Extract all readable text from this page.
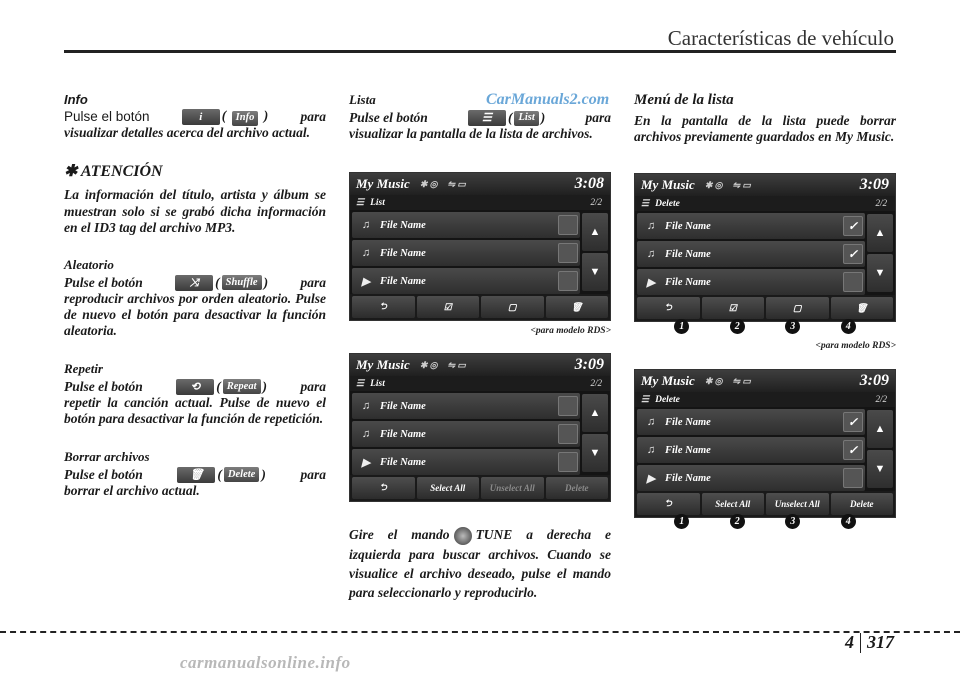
Características de vehículo
Info
Pulse el botón	i ( Info ) para
visualizar detalles acerca del archivo actual.
✱ ATENCIÓN
La información del título, artista y álbum se muestran solo si se grabó dicha información en el ID3 tag del archivo MP3.
Aleatorio
Pulse el botón	⤨	( Shuffle ) para
reproducir archivos por orden aleatorio. Pulse de nuevo el botón para desactivar la función aleatoria.
Repetir
Pulse el botón	⟲	( Repeat ) para
repetir la canción actual. Pulse de nuevo el botón para desactivar la función de repetición.
Borrar archivos
Pulse el botón	🗑	( Delete )	para
borrar el archivo actual.
Lista
Pulse el botón	☰	( List )	para
visualizar la pantalla de la lista de archivos.
CarManuals2.com
My Music ✱ ◎ ⇋ ▭	3:08
☰ List	2/2
♫ File Name
♫ File Name
▶ File Name
▲
▼
⮌	☑	▢	🗑
<para modelo RDS>
My Music ✱ ◎ ⇋ ▭	3:09
☰ List	2/2
♫ File Name
♫ File Name
▶ File Name
▲
▼
⮌	Select All	Unselect All	Delete
Gire el mando TUNE a derecha e izquierda para buscar archivos. Cuando se visualice el archivo deseado, pulse el mando para seleccionarlo y reproducirlo.
Menú de la lista
En la pantalla de la lista puede borrar archivos previamente guardados en My Music.
My Music ✱ ◎ ⇋ ▭	3:09
☰ Delete	2/2
♫ File Name	✓
♫ File Name	✓
▶ File Name
▲
▼
⮌	☑	▢	🗑
1	2	3	4
<para modelo RDS>
My Music ✱ ◎ ⇋ ▭	3:09
☰ Delete	2/2
♫ File Name	✓
♫ File Name	✓
▶ File Name
▲
▼
⮌	Select All	Unselect All	Delete
1	2	3	4
4 317
carmanualsonline.info
